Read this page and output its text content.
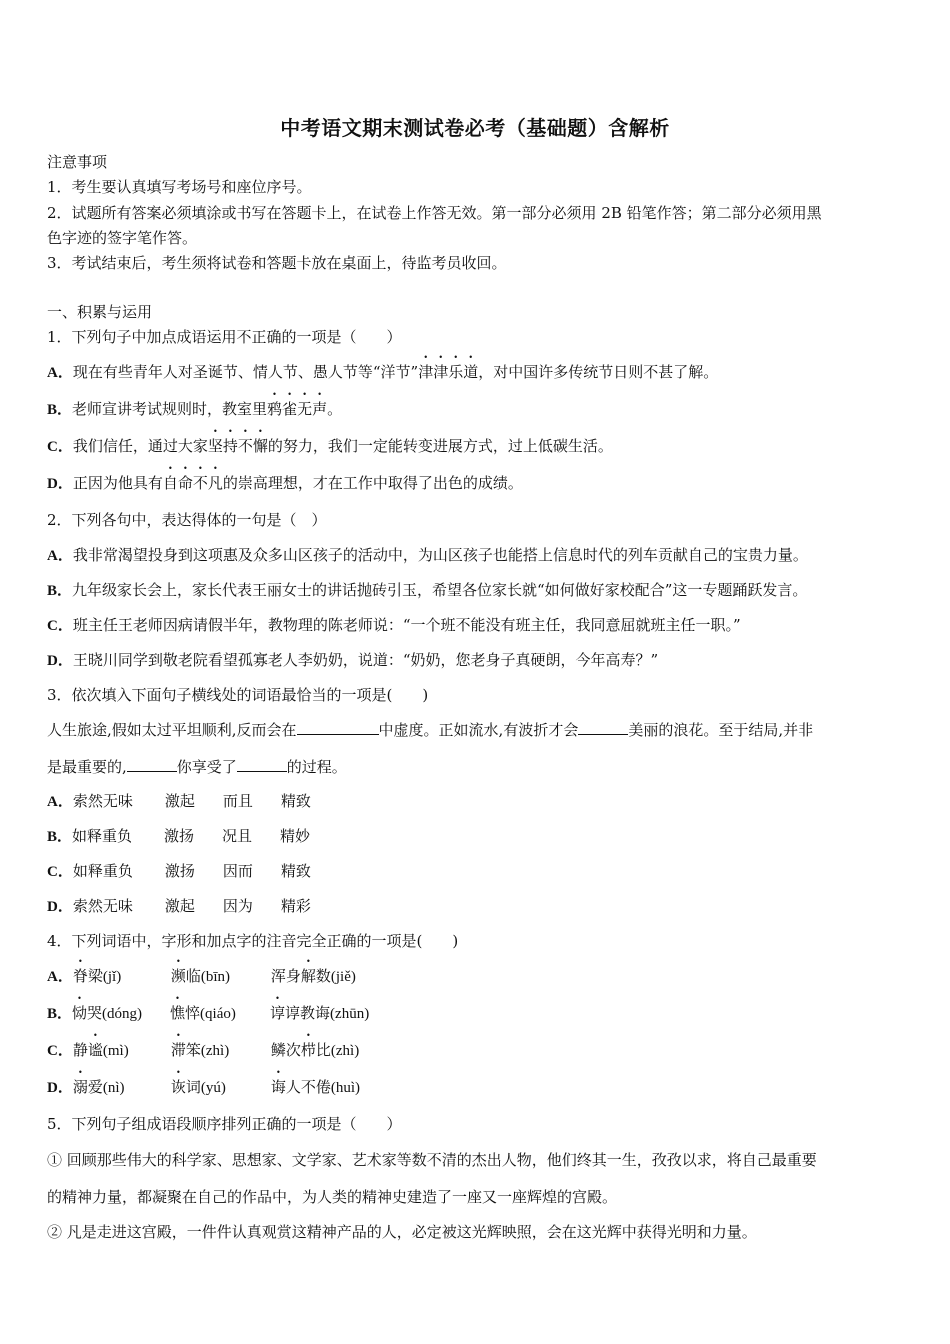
中考语文期末测试卷必考（基础题）含解析
注意事项
1．考生要认真填写考场号和座位序号。
2．试题所有答案必须填涂或书写在答题卡上，在试卷上作答无效。第一部分必须用 2B 铅笔作答；第二部分必须用黑
色字迹的签字笔作答。
3．考试结束后，考生须将试卷和答题卡放在桌面上，待监考员收回。
一、积累与运用
1．下列句子中加点成语运用不正确的一项是（　　）
A．现在有些青年人对圣诞节、情人节、愚人节等“洋节”津津乐道，对中国许多传统节日则不甚了解。
B．老师宣讲考试规则时，教室里鸦雀无声。
C．我们信任，通过大家坚持不懈的努力，我们一定能转变进展方式，过上低碳生活。
D．正因为他具有自命不凡的崇高理想，才在工作中取得了出色的成绩。
2．下列各句中，表达得体的一句是（　）
A．我非常渴望投身到这项惠及众多山区孩子的活动中，为山区孩子也能搭上信息时代的列车贡献自己的宝贵力量。
B．九年级家长会上，家长代表王丽女士的讲话抛砖引玉，希望各位家长就“如何做好家校配合”这一专题踊跃发言。
C．班主任王老师因病请假半年，教物理的陈老师说：“一个班不能没有班主任，我同意屈就班主任一职。”
D．王晓川同学到敬老院看望孤寡老人李奶奶，说道：“奶奶，您老身子真硬朗，今年高寿？”
3．依次填入下面句子横线处的词语最恰当的一项是(　　)
人生旅途,假如太过平坦顺利,反而会在	中虚度。正如流水,有波折才会	美丽的浪花。至于结局,并非
是最重要的,	你享受了	的过程。
A．索然无味 激起 而且 精致
B．如释重负 激扬 况且 精妙
C．如释重负 激扬 因而 精致
D．索然无味 激起 因为 精彩
4．下列词语中，字形和加点字的注音完全正确的一项是(　　)
A．脊梁(jǐ)	濒临(bīn)	浑身解数(jiě)
B．恸哭(dóng) 憔悴(qiáo) 谆谆教诲(zhūn)
C．静谧(mì)	滞笨(zhì)	鳞次栉比(zhì)
D．溺爱(nì)	诙词(yú)	诲人不倦(huì)
5．下列句子组成语段顺序排列正确的一项是（　　）
① 回顾那些伟大的科学家、思想家、文学家、艺术家等数不清的杰出人物，他们终其一生，孜孜以求，将自己最重要
的精神力量，都凝聚在自己的作品中，为人类的精神史建造了一座又一座辉煌的宫殿。
② 凡是走进这宫殿，一件件认真观赏这精神产品的人，必定被这光辉映照，会在这光辉中获得光明和力量。
